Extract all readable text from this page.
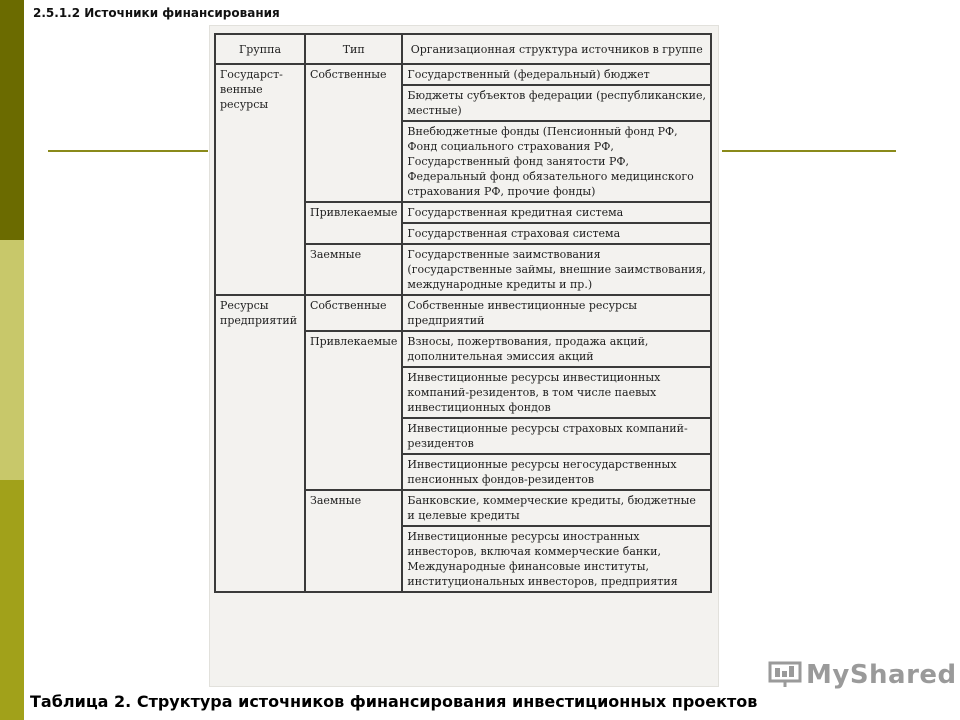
2.5.1.2 Источники финансирования
Группа	Тип	Организационная структура источников в группе
Государст-венные ресурсы	Собственные	Государственный (федеральный) бюджет
		Бюджеты субъектов федерации (республиканские, местные)
		Внебюджетные фонды (Пенсионный фонд РФ, Фонд социального страхования РФ, Государственный фонд занятости РФ, Федеральный фонд обязательного медицинского страхования РФ, прочие фонды)
	Привлекаемые	Государственная кредитная система
		Государственная страховая система
	Заемные	Государственные заимствования (государственные займы, внешние заимствования, международные кредиты и пр.)
Ресурсы предприятий	Собственные	Собственные инвестиционные ресурсы предприятий
	Привлекаемые	Взносы, пожертвования, продажа акций, дополнительная эмиссия акций
		Инвестиционные ресурсы инвестиционных компаний-резидентов, в том числе паевых инвестиционных фондов
		Инвестиционные ресурсы страховых компаний-резидентов
		Инвестиционные ресурсы негосударственных пенсионных фондов-резидентов
	Заемные	Банковские, коммерческие кредиты, бюджетные и целевые кредиты
		Инвестиционные ресурсы иностранных инвесторов, включая коммерческие банки, Международные финансовые институты, институциональных инвесторов, предприятия
MyShared
Таблица 2. Структура источников финансирования инвестиционных проектов
